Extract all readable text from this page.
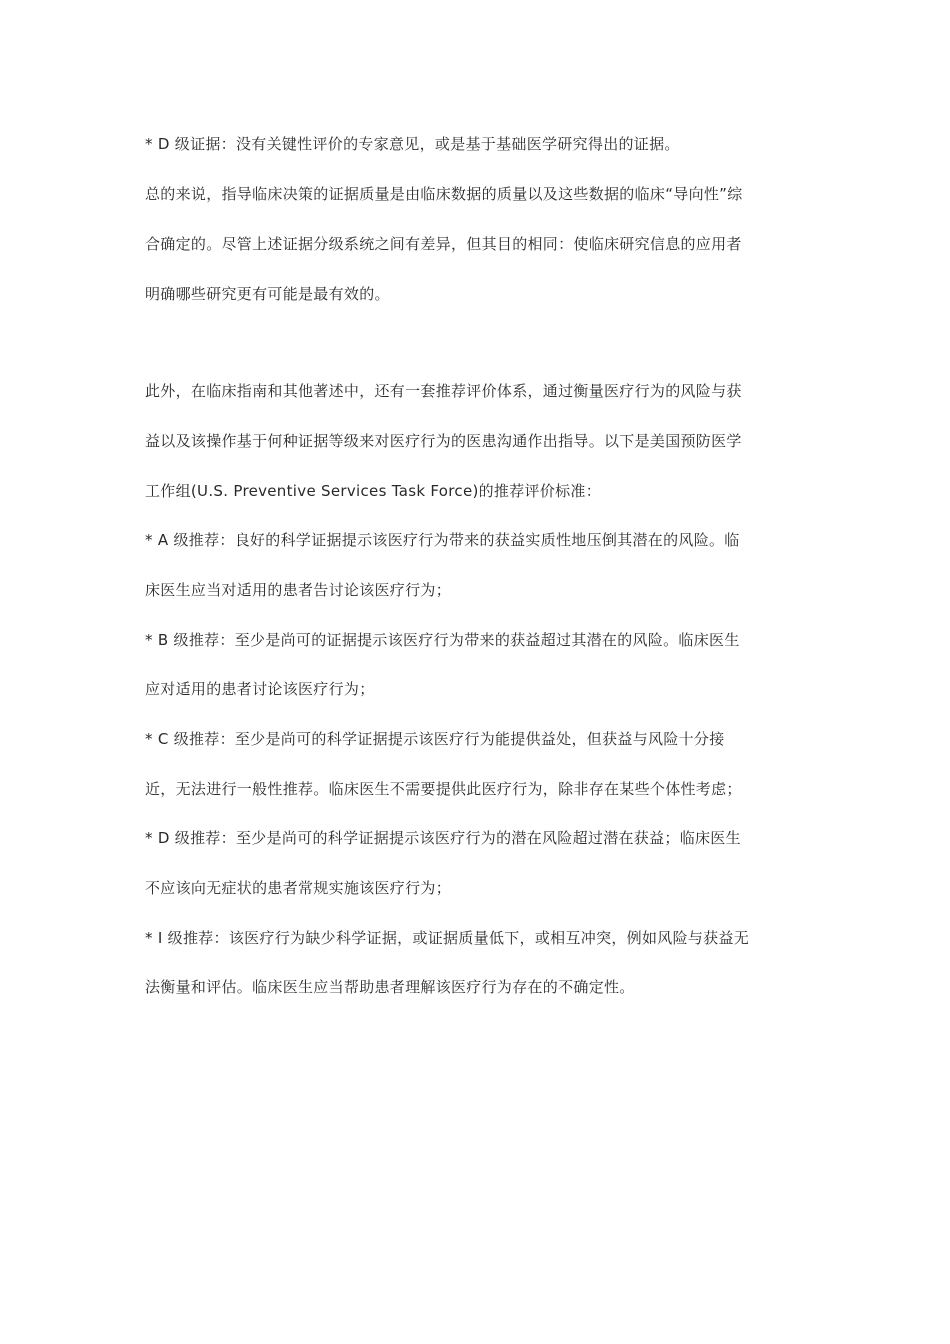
* D 级证据：没有关键性评价的专家意见，或是基于基础医学研究得出的证据。
总的来说，指导临床决策的证据质量是由临床数据的质量以及这些数据的临床“导向性”综
合确定的。尽管上述证据分级系统之间有差异，但其目的相同：使临床研究信息的应用者
明确哪些研究更有可能是最有效的。
此外，在临床指南和其他著述中，还有一套推荐评价体系，通过衡量医疗行为的风险与获
益以及该操作基于何种证据等级来对医疗行为的医患沟通作出指导。以下是美国预防医学
工作组(U.S. Preventive Services Task Force)的推荐评价标准：
* A 级推荐：良好的科学证据提示该医疗行为带来的获益实质性地压倒其潜在的风险。临
床医生应当对适用的患者告讨论该医疗行为；
* B 级推荐：至少是尚可的证据提示该医疗行为带来的获益超过其潜在的风险。临床医生
应对适用的患者讨论该医疗行为；
* C 级推荐：至少是尚可的科学证据提示该医疗行为能提供益处，但获益与风险十分接
近，无法进行一般性推荐。临床医生不需要提供此医疗行为，除非存在某些个体性考虑；
* D 级推荐：至少是尚可的科学证据提示该医疗行为的潜在风险超过潜在获益；临床医生
不应该向无症状的患者常规实施该医疗行为；
* I 级推荐：该医疗行为缺少科学证据，或证据质量低下，或相互冲突，例如风险与获益无
法衡量和评估。临床医生应当帮助患者理解该医疗行为存在的不确定性。
